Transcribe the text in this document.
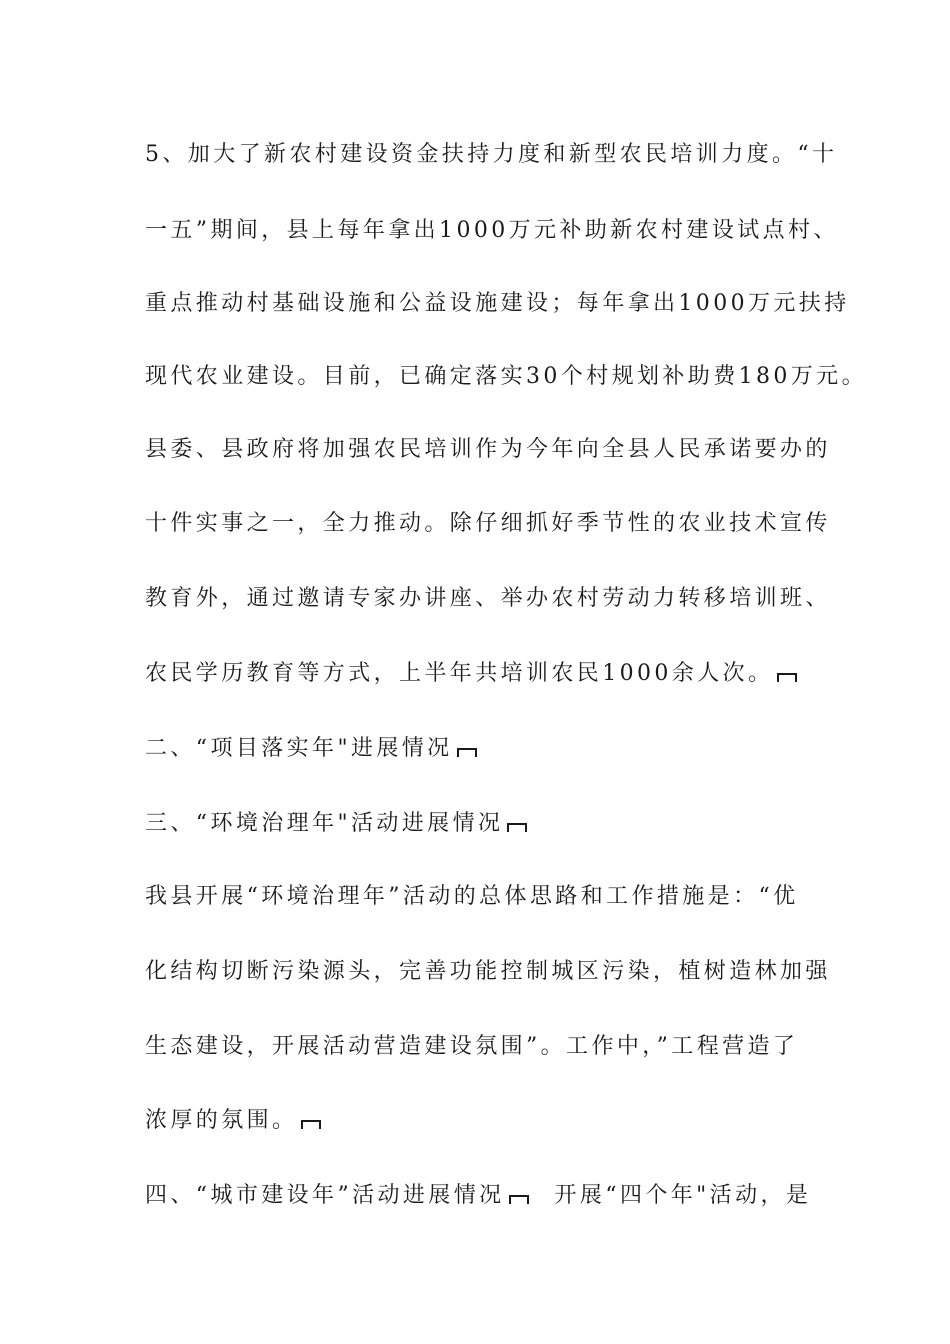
5、加大了新农村建设资金扶持力度和新型农民培训力度。“十
一五”期间，县上每年拿出1000万元补助新农村建设试点村、
重点推动村基础设施和公益设施建设；每年拿出1000万元扶持
现代农业建设。目前，已确定落实30个村规划补助费180万元。
县委、县政府将加强农民培训作为今年向全县人民承诺要办的
十件实事之一，全力推动。除仔细抓好季节性的农业技术宣传
教育外，通过邀请专家办讲座、举办农村劳动力转移培训班、
农民学历教育等方式，上半年共培训农民1000余人次。
二、“项目落实年"进展情况
三、“环境治理年"活动进展情况
我县开展“环境治理年”活动的总体思路和工作措施是：“优
化结构切断污染源头，完善功能控制城区污染，植树造林加强
生态建设，开展活动营造建设氛围”。工作中，”工程营造了
浓厚的氛围。
四、“城市建设年”活动进展情况 开展“四个年"活动，是
